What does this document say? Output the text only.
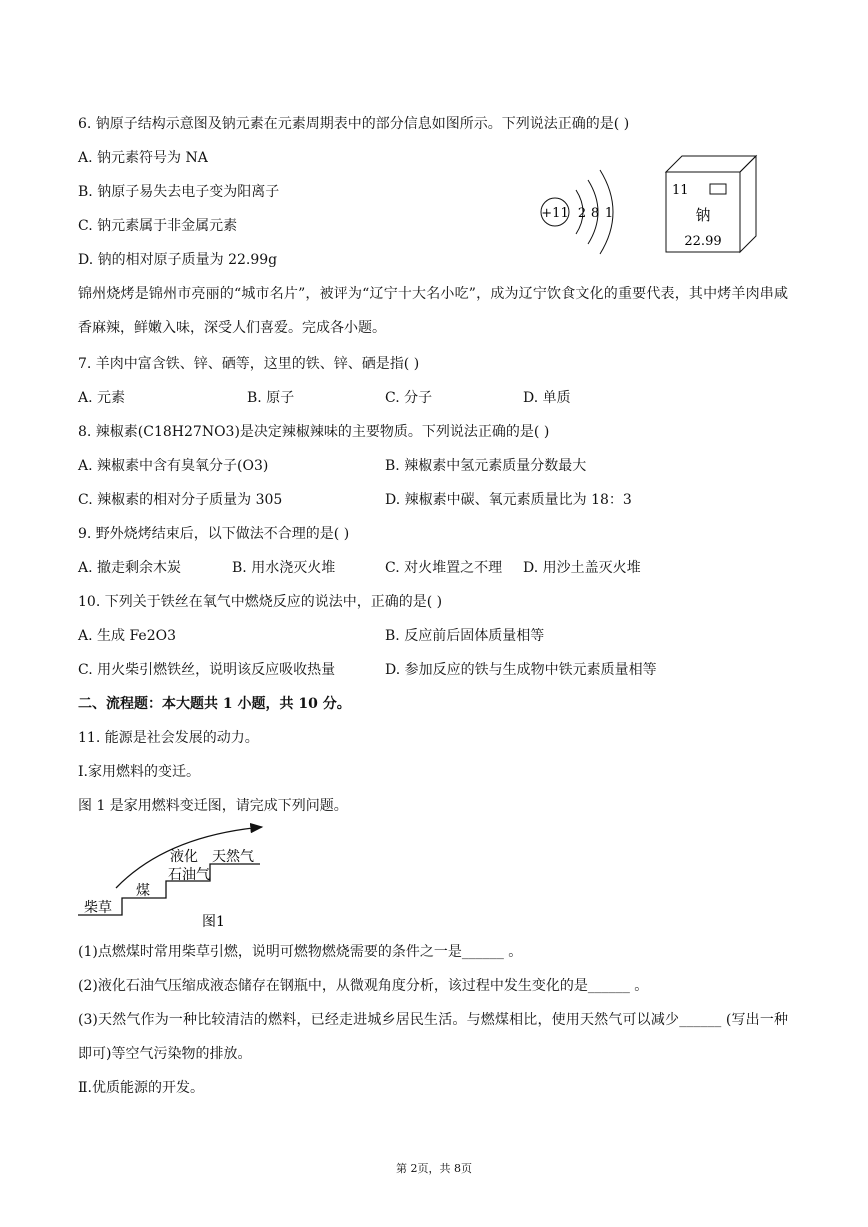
6. 钠原子结构示意图及钠元素在元素周期表中的部分信息如图所示。下列说法正确的是( )
A. 钠元素符号为 NA
B. 钠原子易失去电子变为阳离子
C. 钠元素属于非金属元素
D. 钠的相对原子质量为 22.99g
+11 2 8 1
11
钠
22.99
锦州烧烤是锦州市亮丽的“城市名片”，被评为“辽宁十大名小吃”，成为辽宁饮食文化的重要代表，其中烤羊肉串咸香麻辣，鲜嫩入味，深受人们喜爱。完成各小题。
7. 羊肉中富含铁、锌、硒等，这里的铁、锌、硒是指( )
A. 元素	B. 原子	C. 分子	D. 单质
8. 辣椒素(C18H27NO3)是决定辣椒辣味的主要物质。下列说法正确的是( )
A. 辣椒素中含有臭氧分子(O3)	B. 辣椒素中氢元素质量分数最大
C. 辣椒素的相对分子质量为 305	D. 辣椒素中碳、氧元素质量比为 18：3
9. 野外烧烤结束后，以下做法不合理的是( )
A. 撤走剩余木炭	B. 用水浇灭火堆	C. 对火堆置之不理 D. 用沙土盖灭火堆
10. 下列关于铁丝在氧气中燃烧反应的说法中，正确的是( )
A. 生成 Fe2O3	B. 反应前后固体质量相等
C. 用火柴引燃铁丝，说明该反应吸收热量	D. 参加反应的铁与生成物中铁元素质量相等
二、流程题：本大题共 1 小题，共 10 分。
11. 能源是社会发展的动力。
Ⅰ.家用燃料的变迁。
图 1 是家用燃料变迁图，请完成下列问题。
柴草
煤
液化
石油气
天然气
图1
(1)点燃煤时常用柴草引燃，说明可燃物燃烧需要的条件之一是______ 。
(2)液化石油气压缩成液态储存在钢瓶中，从微观角度分析，该过程中发生变化的是______ 。
(3)天然气作为一种比较清洁的燃料，已经走进城乡居民生活。与燃煤相比，使用天然气可以减少______ (写出一种即可)等空气污染物的排放。
Ⅱ.优质能源的开发。
第 2页，共 8页
